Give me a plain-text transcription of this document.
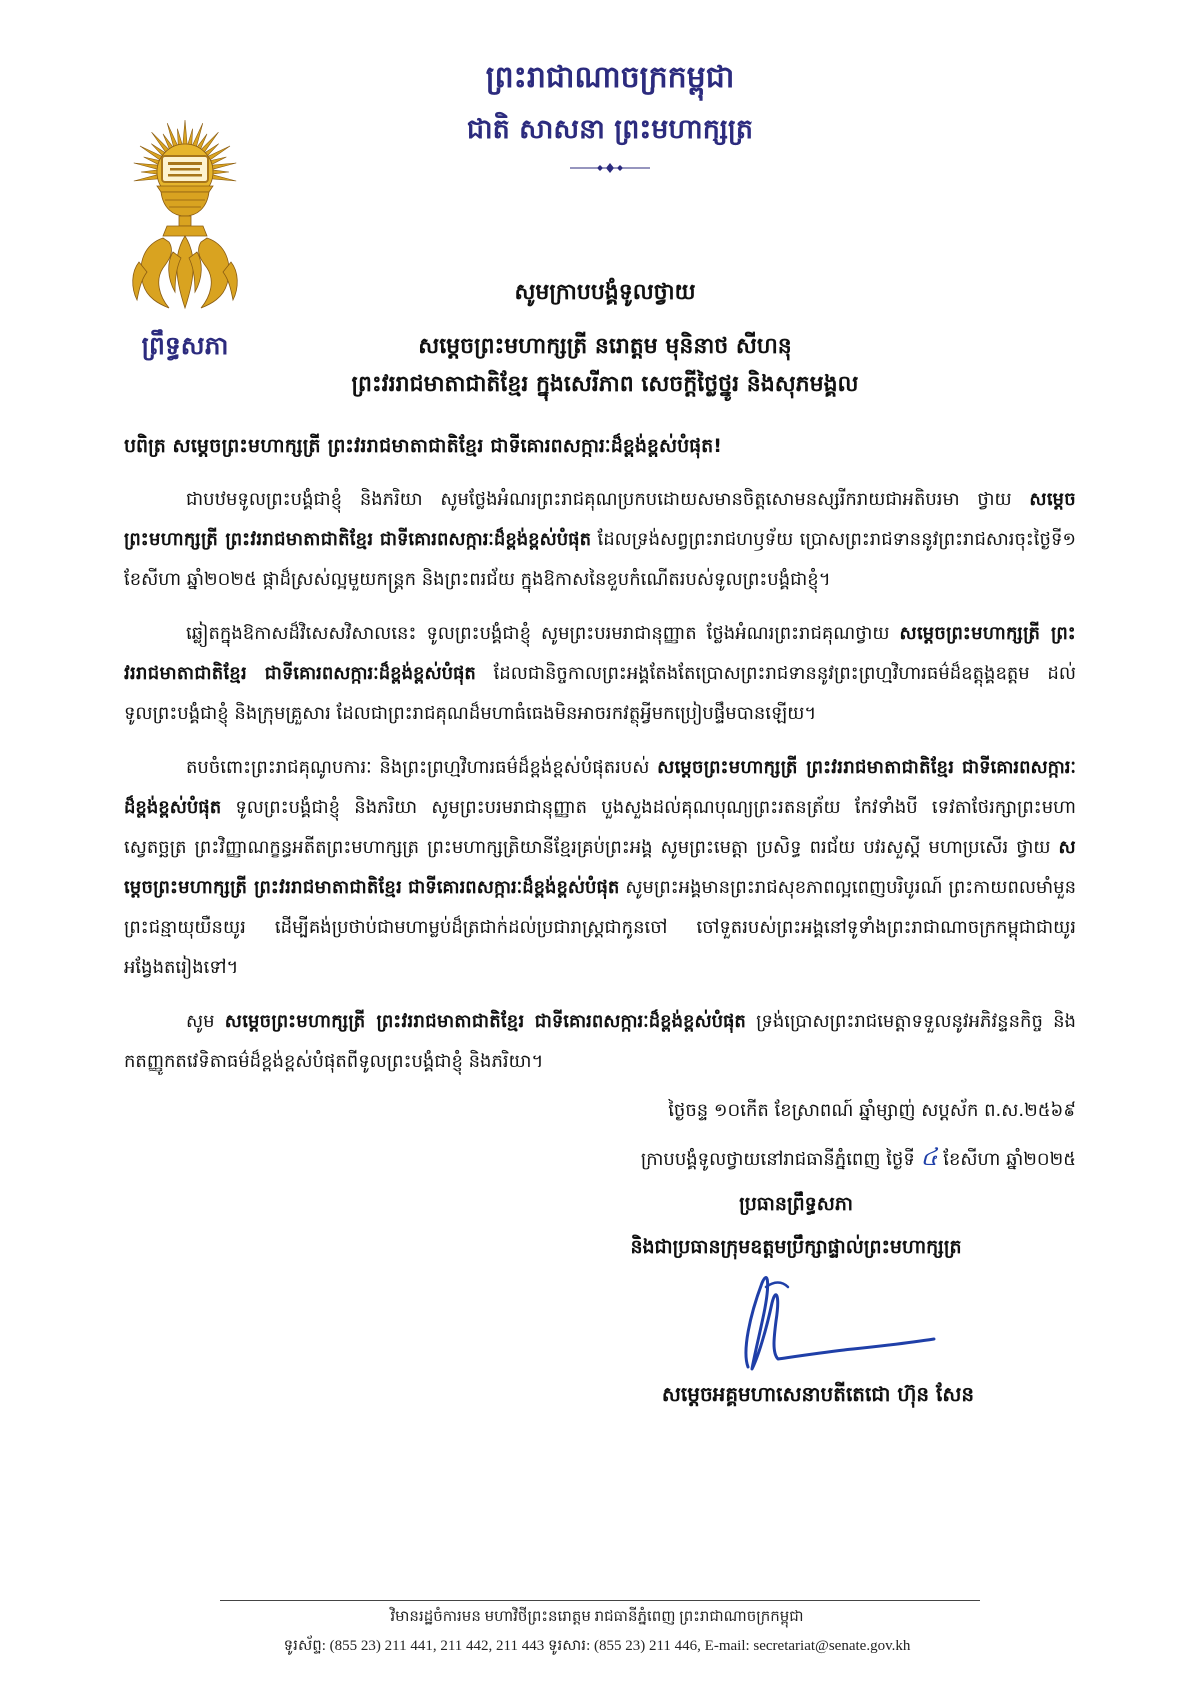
ព្រះរាជាណាចក្រកម្ពុជា
ជាតិ សាសនា ព្រះមហាក្សត្រ
ព្រឹទ្ធសភា
សូមក្រាបបង្គំទូលថ្វាយ
សម្តេចព្រះមហាក្សត្រី នរោត្តម មុនិនាថ សីហនុ
ព្រះវររាជមាតាជាតិខ្មែរ ក្នុងសេរីភាព សេចក្តីថ្លៃថ្នូរ និងសុភមង្គល
បពិត្រ សម្តេចព្រះមហាក្សត្រី ព្រះវររាជមាតាជាតិខ្មែរ ជាទីគោរពសក្ការៈដ៏ខ្ពង់ខ្ពស់បំផុត!

ជាបឋមទូលព្រះបង្គំជាខ្ញុំ និងភរិយា សូមថ្លែងអំណរព្រះរាជគុណប្រកបដោយសមានចិត្តសោមនស្សរីករាយជាអតិបរមា ថ្វាយ សម្តេចព្រះមហាក្សត្រី ព្រះវររាជមាតាជាតិខ្មែរ ជាទីគោរពសក្ការៈដ៏ខ្ពង់ខ្ពស់បំផុត ដែលទ្រង់សព្វព្រះរាជហឫទ័យ ប្រោសព្រះរាជទាននូវព្រះរាជសារចុះថ្ងៃទី១ ខែសីហា ឆ្នាំ២០២៥ ផ្កាដ៏ស្រស់ល្អមួយកន្ត្រក និងព្រះពរជ័យ ក្នុងឱកាសនៃខួបកំណើតរបស់ទូលព្រះបង្គំជាខ្ញុំ។

ឆ្លៀតក្នុងឱកាសដ៏វិសេសវិសាលនេះ ទូលព្រះបង្គំជាខ្ញុំ សូមព្រះបរមរាជានុញ្ញាត ថ្លែងអំណរព្រះរាជគុណថ្វាយ សម្តេចព្រះមហាក្សត្រី ព្រះវររាជមាតាជាតិខ្មែរ ជាទីគោរពសក្ការៈដ៏ខ្ពង់ខ្ពស់បំផុត ដែលជានិច្ចកាលព្រះអង្គតែងតែប្រោសព្រះរាជទាននូវព្រះព្រហ្មវិហារធម៌ដ៏ឧត្តុង្គឧត្តម ដល់ទូលព្រះបង្គំជាខ្ញុំ និងក្រុមគ្រួសារ ដែលជាព្រះរាជគុណដ៏មហាធំធេងមិនអាចរកវត្ថុអ្វីមកប្រៀបផ្ទឹមបានឡើយ។

តបចំពោះព្រះរាជគុណូបការៈ និងព្រះព្រហ្មវិហារធម៌ដ៏ខ្ពង់ខ្ពស់បំផុតរបស់ សម្តេចព្រះមហាក្សត្រី ព្រះវររាជមាតាជាតិខ្មែរ ជាទីគោរពសក្ការៈដ៏ខ្ពង់ខ្ពស់បំផុត ទូលព្រះបង្គំជាខ្ញុំ និងភរិយា សូមព្រះបរមរាជានុញ្ញាត បួងសួងដល់គុណបុណ្យព្រះរតនត្រ័យ កែវទាំងបី ទេវតាថែរក្សាព្រះមហាស្វេតច្ឆត្រ ព្រះវិញ្ញាណក្ខន្ធអតីតព្រះមហាក្សត្រ ព្រះមហាក្សត្រិយានីខ្មែរគ្រប់ព្រះអង្គ សូមព្រះមេត្តា ប្រសិទ្ធ ពរជ័យ បវរសួស្តី មហាប្រសើរ ថ្វាយ សម្តេចព្រះមហាក្សត្រី ព្រះវររាជមាតាជាតិខ្មែរ ជាទីគោរពសក្ការៈដ៏ខ្ពង់ខ្ពស់បំផុត សូមព្រះអង្គមានព្រះរាជសុខភាពល្អពេញបរិបូរណ៍ ព្រះកាយពលមាំមួន ព្រះជន្មាយុយឺនយូរ ដើម្បីគង់ប្រថាប់ជាមហាម្លប់ដ៏ត្រជាក់ដល់ប្រជារាស្ត្រជាកូនចៅ ចៅទួតរបស់ព្រះអង្គនៅទូទាំងព្រះរាជាណាចក្រកម្ពុជាជាយូរអង្វែងតរៀងទៅ។

សូម សម្តេចព្រះមហាក្សត្រី ព្រះវររាជមាតាជាតិខ្មែរ ជាទីគោរពសក្ការៈដ៏ខ្ពង់ខ្ពស់បំផុត ទ្រង់ប្រោសព្រះរាជមេត្តាទទួលនូវអភិវន្ទនកិច្ច និងកតញ្ញូកតវេទិតាធម៌ដ៏ខ្ពង់ខ្ពស់បំផុតពីទូលព្រះបង្គំជាខ្ញុំ និងភរិយា។

ថ្ងៃចន្ទ ១០កើត ខែស្រាពណ៍ ឆ្នាំម្សាញ់ សប្តស័ក ព.ស.២៥៦៩
ក្រាបបង្គំទូលថ្វាយនៅរាជធានីភ្នំពេញ ថ្ងៃទី ៤ ខែសីហា ឆ្នាំ២០២៥
ប្រធានព្រឹទ្ធសភា
និងជាប្រធានក្រុមឧត្តមប្រឹក្សាផ្ទាល់ព្រះមហាក្សត្រ
សម្តេចអគ្គមហាសេនាបតីតេជោ ហ៊ុន សែន
វិមានរដ្ឋចំការមន មហាវិថីព្រះនរោត្តម រាជធានីភ្នំពេញ ព្រះរាជាណាចក្រកម្ពុជា
ទូរស័ព្ទ: (855 23) 211 441, 211 442, 211 443 ទូរសារ: (855 23) 211 446, E-mail: secretariat@senate.gov.kh
